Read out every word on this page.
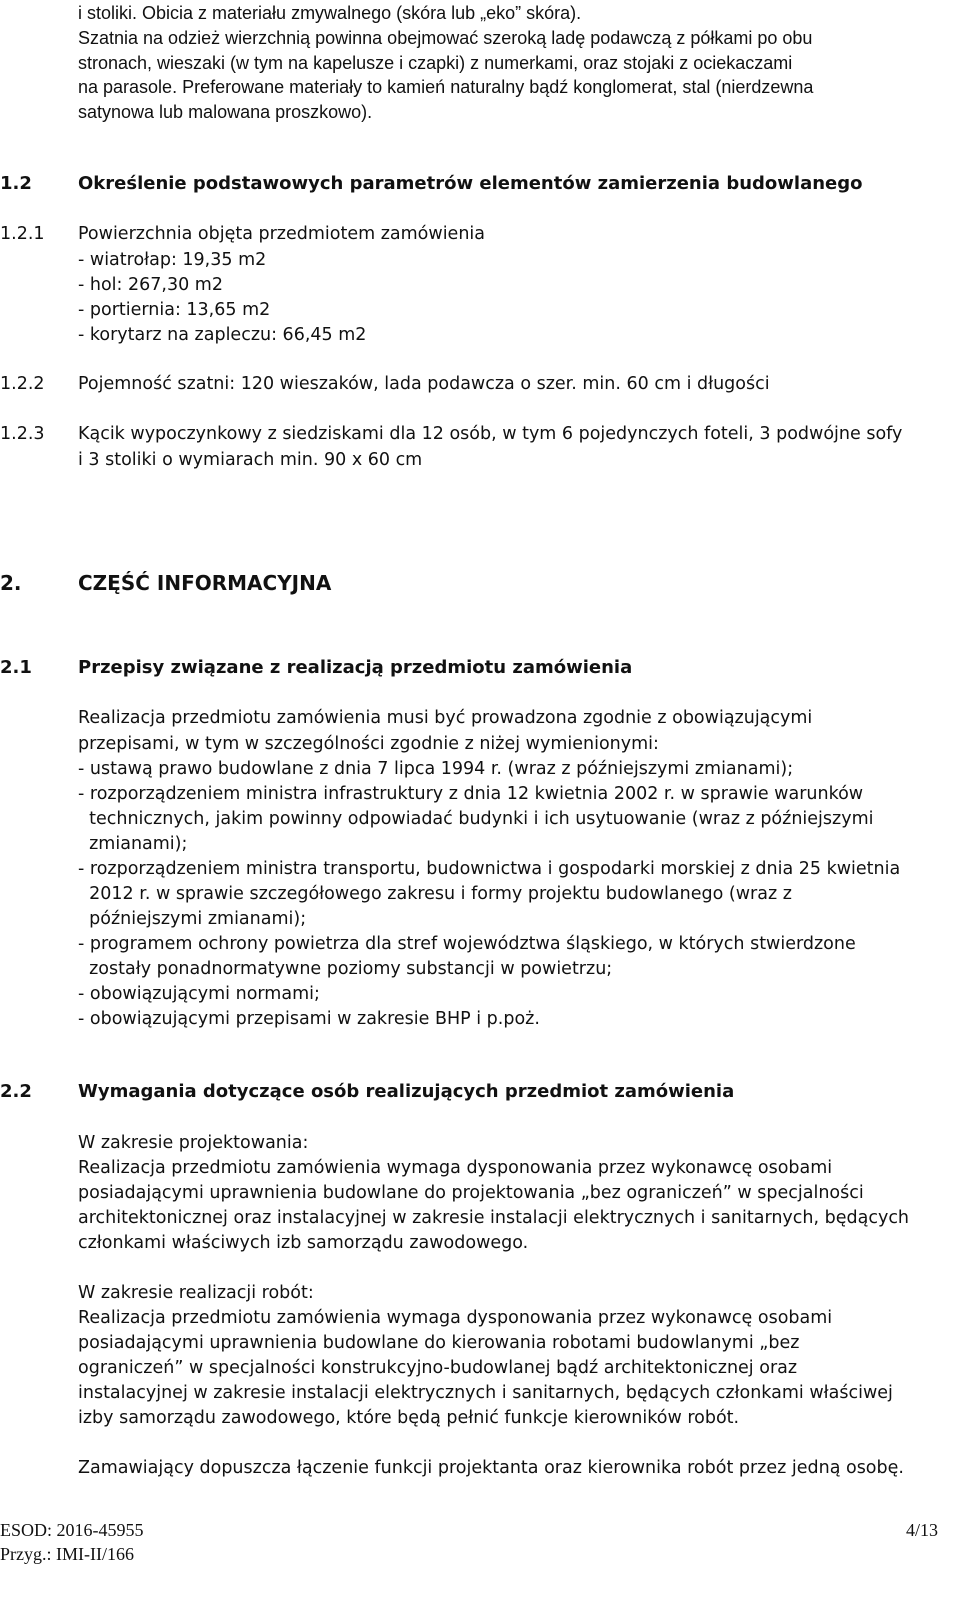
i stoliki. Obicia z materiału zmywalnego (skóra lub „eko” skóra).
Szatnia na odzież wierzchnią powinna obejmować szeroką ladę podawczą z półkami po obu
stronach, wieszaki (w tym na kapelusze i czapki) z numerkami, oraz stojaki z ociekaczami
na parasole. Preferowane materiały to kamień naturalny bądź konglomerat, stal (nierdzewna
satynowa lub malowana proszkowo).
1.2	Określenie podstawowych parametrów elementów zamierzenia budowlanego
1.2.1 Powierzchnia objęta przedmiotem zamówienia
- wiatrołap: 19,35 m2
- hol: 267,30 m2
- portiernia: 13,65 m2
- korytarz na zapleczu: 66,45 m2
1.2.2 Pojemność szatni: 120 wieszaków, lada podawcza o szer. min. 60 cm i długości
1.2.3 Kącik wypoczynkowy z siedziskami dla 12 osób, w tym 6 pojedynczych foteli, 3 podwójne sofy
i 3 stoliki o wymiarach min. 90 x 60 cm
2.	CZĘŚĆ INFORMACYJNA
2.1	Przepisy związane z realizacją przedmiotu zamówienia
Realizacja przedmiotu zamówienia musi być prowadzona zgodnie z obowiązującymi
przepisami, w tym w szczególności zgodnie z niżej wymienionymi:
- ustawą prawo budowlane z dnia 7 lipca 1994 r. (wraz z późniejszymi zmianami);
- rozporządzeniem ministra infrastruktury z dnia 12 kwietnia 2002 r. w sprawie warunków
technicznych, jakim powinny odpowiadać budynki i ich usytuowanie (wraz z późniejszymi
zmianami);
- rozporządzeniem ministra transportu, budownictwa i gospodarki morskiej z dnia 25 kwietnia
2012 r. w sprawie szczegółowego zakresu i formy projektu budowlanego (wraz z
późniejszymi zmianami);
- programem ochrony powietrza dla stref województwa śląskiego, w których stwierdzone
zostały ponadnormatywne poziomy substancji w powietrzu;
- obowiązującymi normami;
- obowiązującymi przepisami w zakresie BHP i p.poż.
2.2	Wymagania dotyczące osób realizujących przedmiot zamówienia
W zakresie projektowania:
Realizacja przedmiotu zamówienia wymaga dysponowania przez wykonawcę osobami
posiadającymi uprawnienia budowlane do projektowania „bez ograniczeń” w specjalności
architektonicznej oraz instalacyjnej w zakresie instalacji elektrycznych i sanitarnych, będących
członkami właściwych izb samorządu zawodowego.
W zakresie realizacji robót:
Realizacja przedmiotu zamówienia wymaga dysponowania przez wykonawcę osobami
posiadającymi uprawnienia budowlane do kierowania robotami budowlanymi „bez
ograniczeń” w specjalności konstrukcyjno-budowlanej bądź architektonicznej oraz
instalacyjnej w zakresie instalacji elektrycznych i sanitarnych, będących członkami właściwej
izby samorządu zawodowego, które będą pełnić funkcje kierowników robót.
Zamawiający dopuszcza łączenie funkcji projektanta oraz kierownika robót przez jedną osobę.
ESOD: 2016-45955
Przyg.: IMI-II/166
4/13
